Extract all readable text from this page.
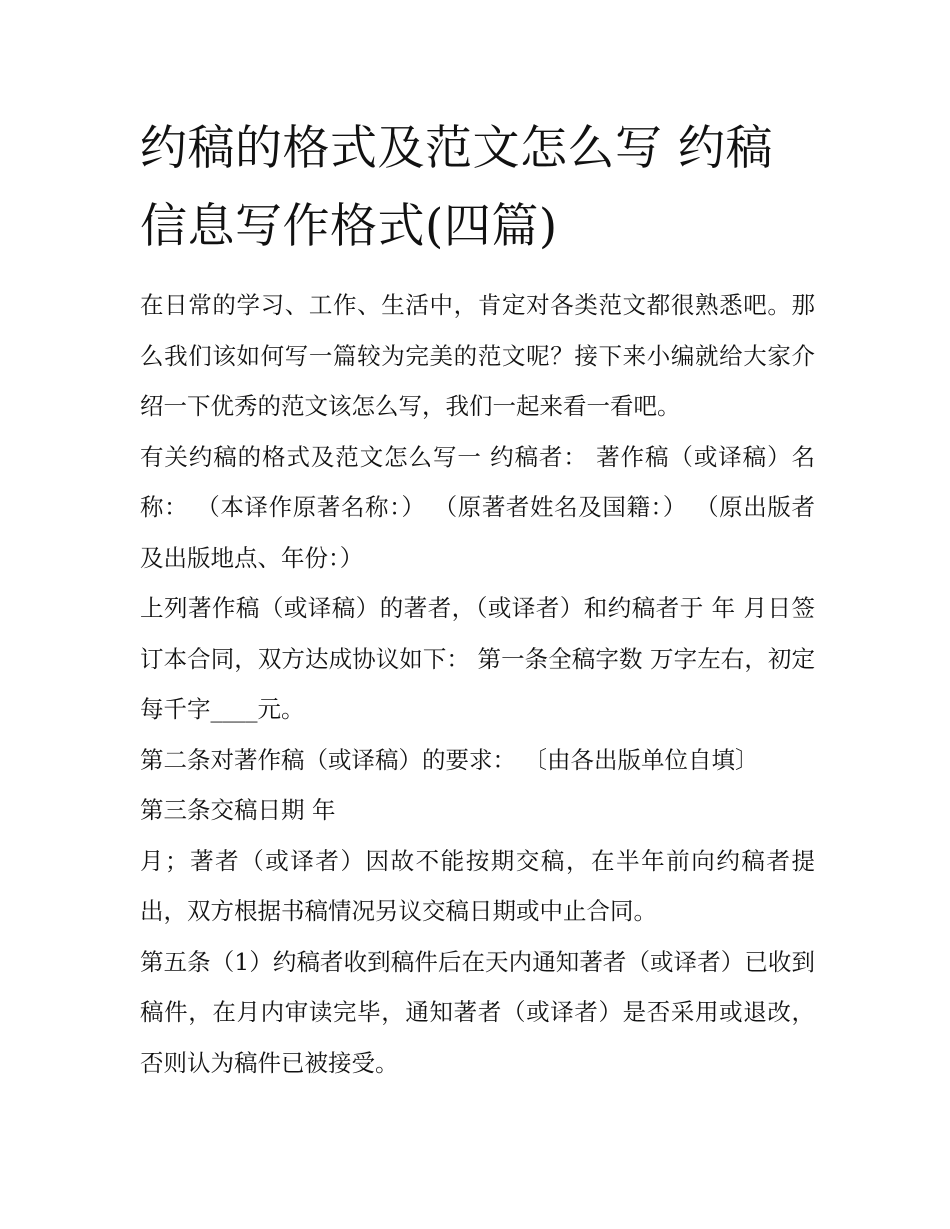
约稿的格式及范文怎么写 约稿信息写作格式(四篇)

在日常的学习、工作、生活中，肯定对各类范文都很熟悉吧。那么我们该如何写一篇较为完美的范文呢？接下来小编就给大家介绍一下优秀的范文该怎么写，我们一起来看一看吧。

有关约稿的格式及范文怎么写一 约稿者： 著作稿（或译稿）名称： （本译作原著名称：） （原著者姓名及国籍：） （原出版者及出版地点、年份：）

上列著作稿（或译稿）的著者，（或译者）和约稿者于 年 月日签订本合同，双方达成协议如下： 第一条全稿字数 万字左右，初定每千字____元。

第二条对著作稿（或译稿）的要求： 〔由各出版单位自填〕

第三条交稿日期 年

月；著者（或译者）因故不能按期交稿，在半年前向约稿者提出，双方根据书稿情况另议交稿日期或中止合同。

第五条（1）约稿者收到稿件后在天内通知著者（或译者）已收到稿件，在月内审读完毕，通知著者（或译者）是否采用或退改，否则认为稿件已被接受。
